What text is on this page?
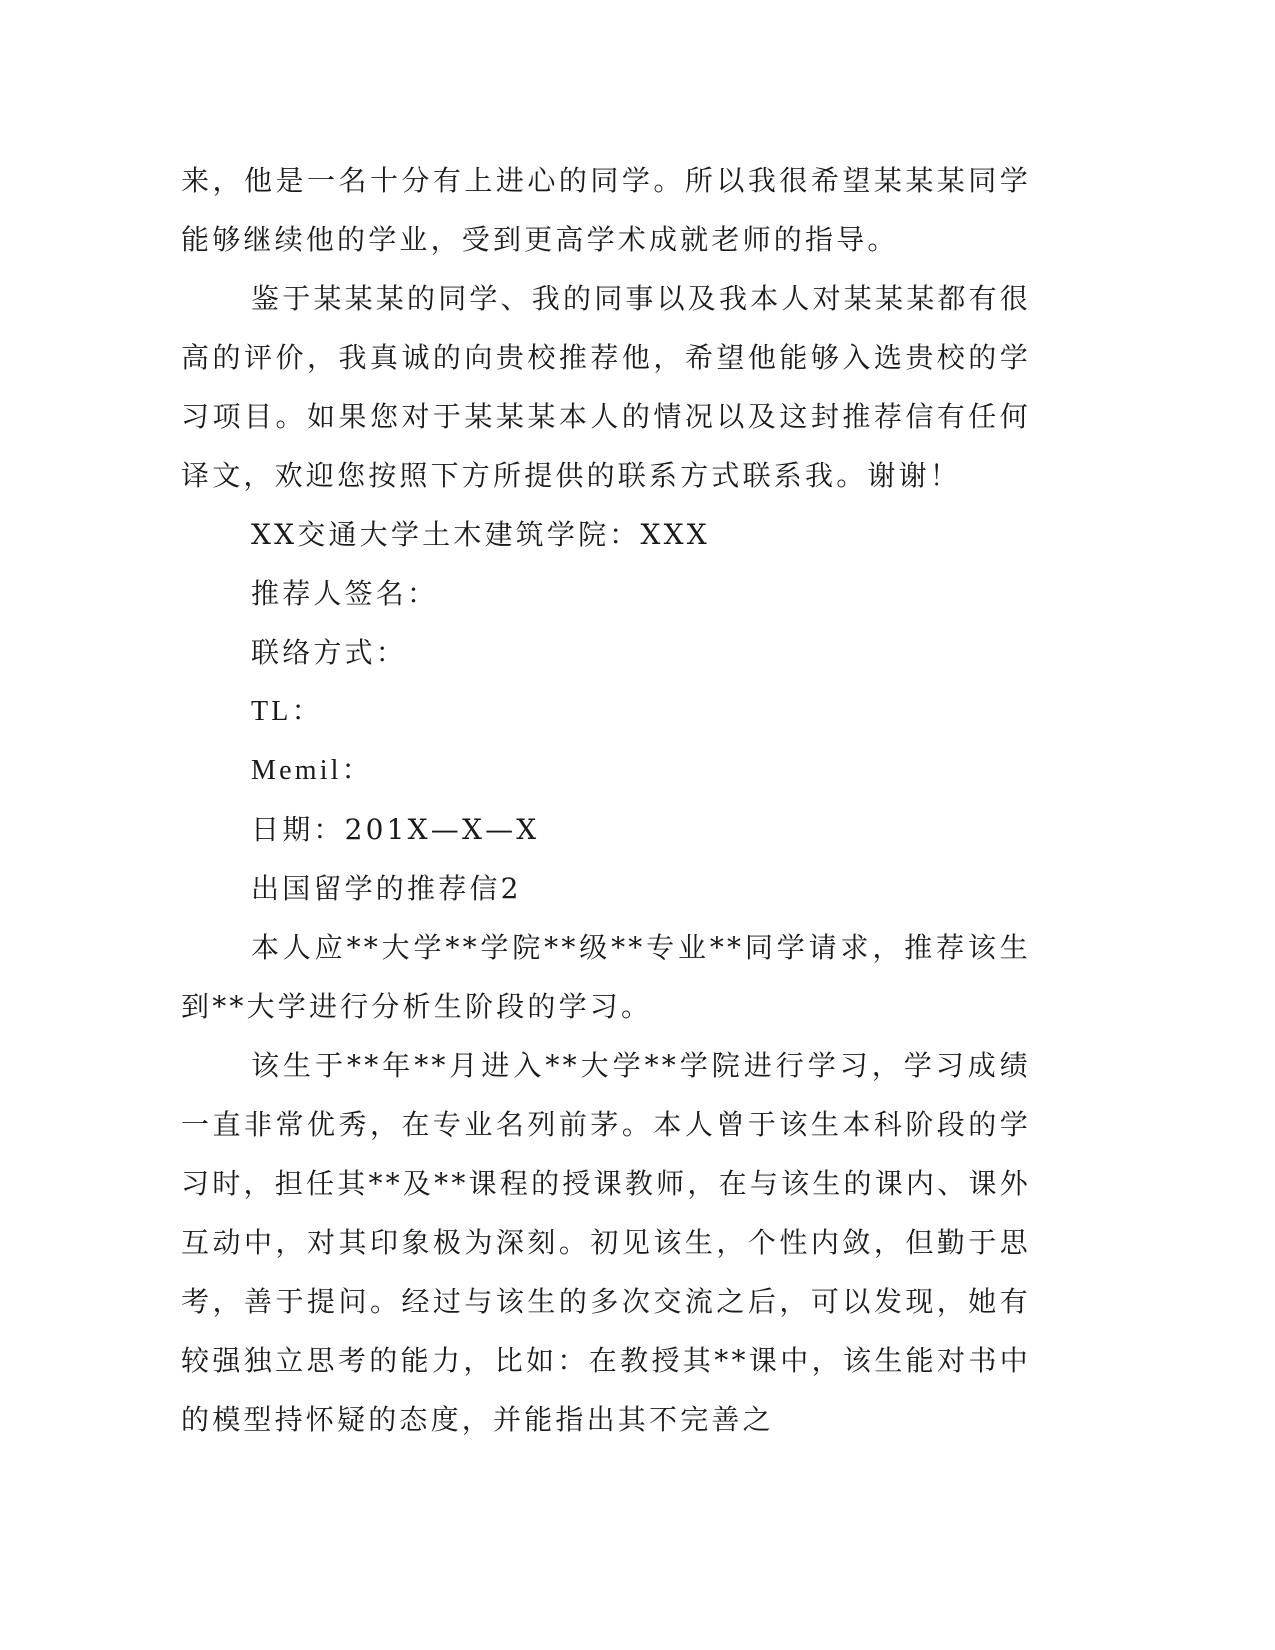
来，他是一名十分有上进心的同学。所以我很希望某某某同学能够继续他的学业，受到更高学术成就老师的指导。

鉴于某某某的同学、我的同事以及我本人对某某某都有很高的评价，我真诚的向贵校推荐他，希望他能够入选贵校的学习项目。如果您对于某某某本人的情况以及这封推荐信有任何译文，欢迎您按照下方所提供的联系方式联系我。谢谢！

XX交通大学土木建筑学院：XXX

推荐人签名：

联络方式：

TL：

Memil：

日期：201X—X—X

出国留学的推荐信2

本人应**大学**学院**级**专业**同学请求，推荐该生到**大学进行分析生阶段的学习。

该生于**年**月进入**大学**学院进行学习，学习成绩一直非常优秀，在专业名列前茅。本人曾于该生本科阶段的学习时，担任其**及**课程的授课教师，在与该生的课内、课外互动中，对其印象极为深刻。初见该生，个性内敛，但勤于思考，善于提问。经过与该生的多次交流之后，可以发现，她有较强独立思考的能力，比如：在教授其**课中，该生能对书中的模型持怀疑的态度，并能指出其不完善之
